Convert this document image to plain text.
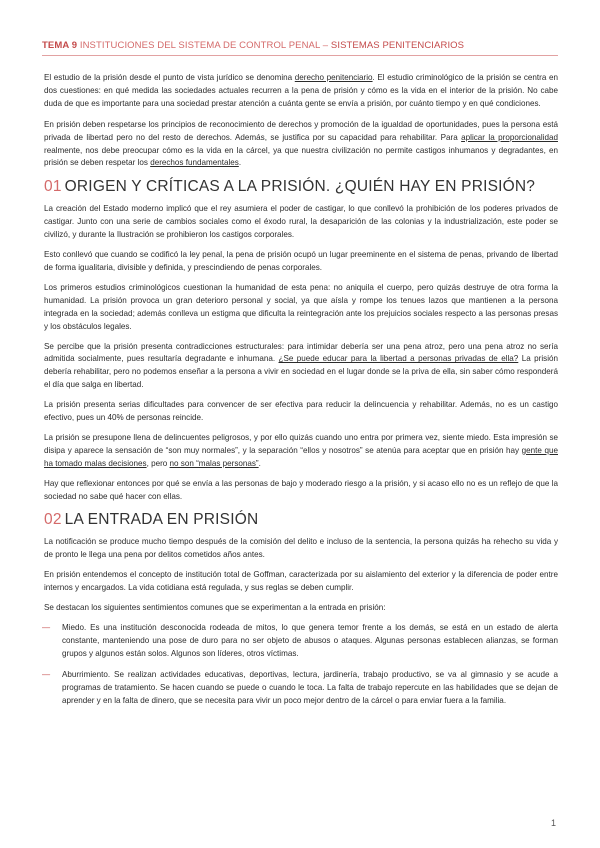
TEMA 9 INSTITUCIONES DEL SISTEMA DE CONTROL PENAL – SISTEMAS PENITENCIARIOS

El estudio de la prisión desde el punto de vista jurídico se denomina derecho penitenciario. El estudio criminológico de la prisión se centra en dos cuestiones: en qué medida las sociedades actuales recurren a la pena de prisión y cómo es la vida en el interior de la prisión. No cabe duda de que es importante para una sociedad prestar atención a cuánta gente se envía a prisión, por cuánto tiempo y en qué condiciones.

En prisión deben respetarse los principios de reconocimiento de derechos y promoción de la igualdad de oportunidades, pues la persona está privada de libertad pero no del resto de derechos. Además, se justifica por su capacidad para rehabilitar. Para aplicar la proporcionalidad realmente, nos debe preocupar cómo es la vida en la cárcel, ya que nuestra civilización no permite castigos inhumanos y degradantes, en prisión se deben respetar los derechos fundamentales.

01 ORIGEN Y CRÍTICAS A LA PRISIÓN. ¿QUIÉN HAY EN PRISIÓN?

La creación del Estado moderno implicó que el rey asumiera el poder de castigar, lo que conllevó la prohibición de los poderes privados de castigar. Junto con una serie de cambios sociales como el éxodo rural, la desaparición de las colonias y la industrialización, este poder se civilizó, y durante la Ilustración se prohibieron los castigos corporales.

Esto conllevó que cuando se codificó la ley penal, la pena de prisión ocupó un lugar preeminente en el sistema de penas, privando de libertad de forma igualitaria, divisible y definida, y prescindiendo de penas corporales.

Los primeros estudios criminológicos cuestionan la humanidad de esta pena: no aniquila el cuerpo, pero quizás destruye de otra forma la humanidad. La prisión provoca un gran deterioro personal y social, ya que aísla y rompe los tenues lazos que mantienen a la persona integrada en la sociedad; además conlleva un estigma que dificulta la reintegración ante los prejuicios sociales respecto a las personas presas y los obstáculos legales.

Se percibe que la prisión presenta contradicciones estructurales: para intimidar debería ser una pena atroz, pero una pena atroz no sería admitida socialmente, pues resultaría degradante e inhumana. ¿Se puede educar para la libertad a personas privadas de ella? La prisión debería rehabilitar, pero no podemos enseñar a la persona a vivir en sociedad en el lugar donde se la priva de ella, sin saber cómo responderá el día que salga en libertad.

La prisión presenta serias dificultades para convencer de ser efectiva para reducir la delincuencia y rehabilitar. Además, no es un castigo efectivo, pues un 40% de personas reincide.

La prisión se presupone llena de delincuentes peligrosos, y por ello quizás cuando uno entra por primera vez, siente miedo. Esta impresión se disipa y aparece la sensación de “son muy normales”, y la separación “ellos y nosotros” se atenúa para aceptar que en prisión hay gente que ha tomado malas decisiones, pero no son “malas personas”.

Hay que reflexionar entonces por qué se envía a las personas de bajo y moderado riesgo a la prisión, y si acaso ello no es un reflejo de que la sociedad no sabe qué hacer con ellas.

02 LA ENTRADA EN PRISIÓN

La notificación se produce mucho tiempo después de la comisión del delito e incluso de la sentencia, la persona quizás ha rehecho su vida y de pronto le llega una pena por delitos cometidos años antes.

En prisión entendemos el concepto de institución total de Goffman, caracterizada por su aislamiento del exterior y la diferencia de poder entre internos y encargados. La vida cotidiana está regulada, y sus reglas se deben cumplir.

Se destacan los siguientes sentimientos comunes que se experimentan a la entrada en prisión:

— Miedo. Es una institución desconocida rodeada de mitos, lo que genera temor frente a los demás, se está en un estado de alerta constante, manteniendo una pose de duro para no ser objeto de abusos o ataques. Algunas personas establecen alianzas, se forman grupos y algunos están solos. Algunos son líderes, otros víctimas.

— Aburrimiento. Se realizan actividades educativas, deportivas, lectura, jardinería, trabajo productivo, se va al gimnasio y se acude a programas de tratamiento. Se hacen cuando se puede o cuando le toca. La falta de trabajo repercute en las habilidades que se dejan de aprender y en la falta de dinero, que se necesita para vivir un poco mejor dentro de la cárcel o para enviar fuera a la familia.

1
